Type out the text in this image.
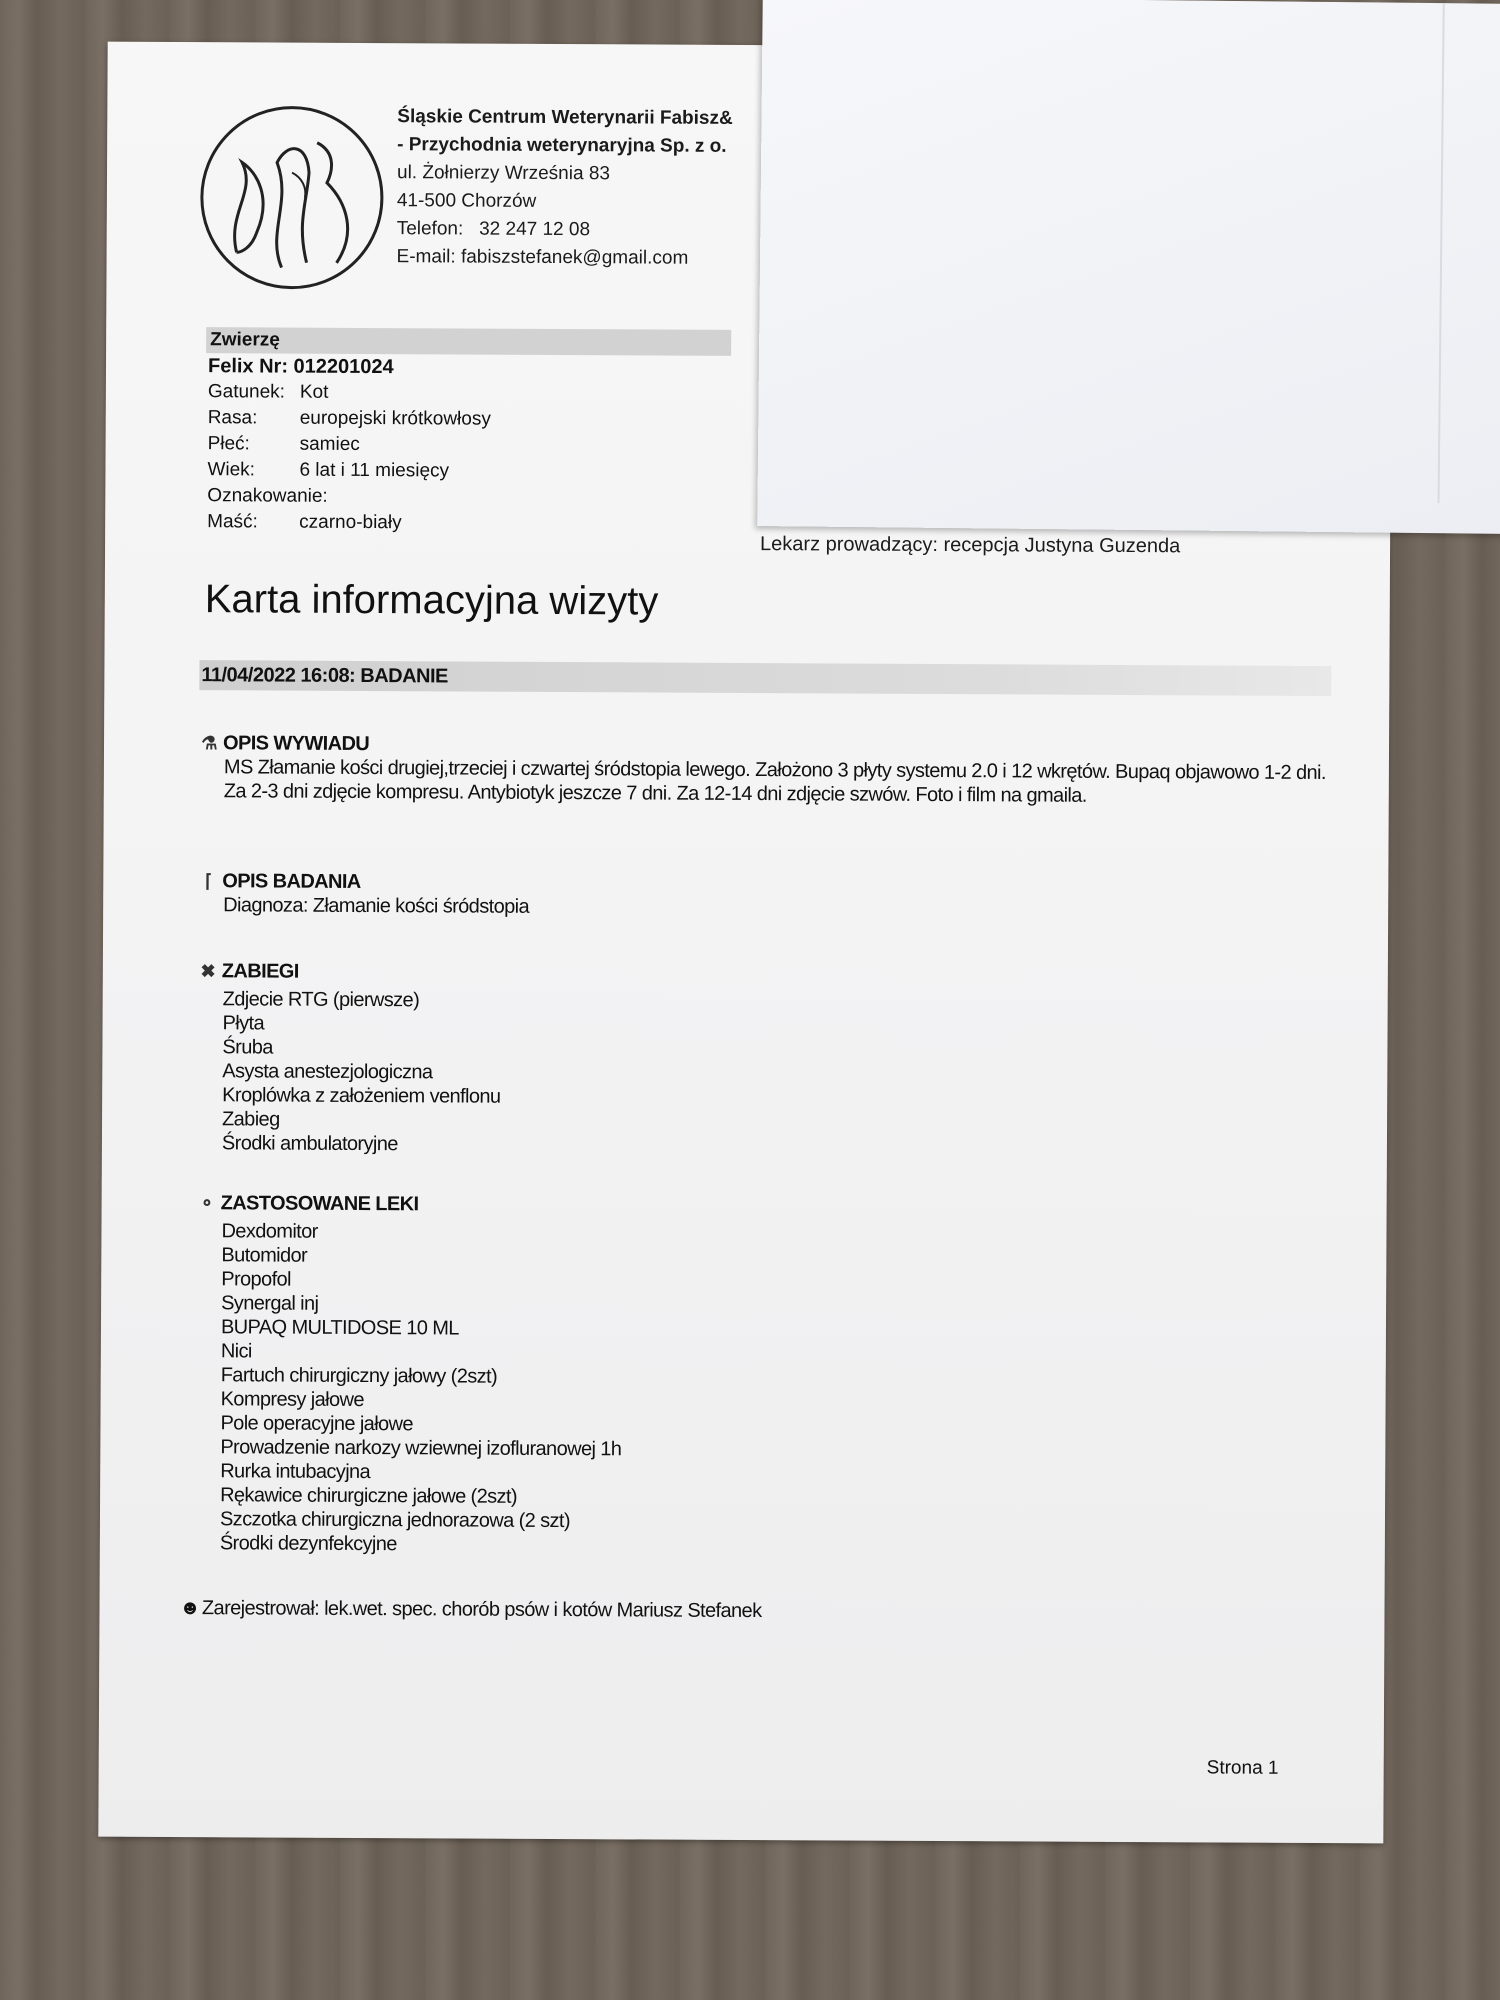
Śląskie Centrum Weterynarii Fabisz&
- Przychodnia weterynaryjna Sp. z o.
ul. Żołnierzy Września 83
41-500 Chorzów
Telefon: 32 247 12 08
E-mail: fabiszstefanek@gmail.com
Zwierzę
Felix Nr: 012201024
Gatunek: Kot
Rasa:	europejski krótkowłosy
Płeć:	samiec
Wiek:	6 lat i 11 miesięcy
Oznakowanie:
Maść:	czarno-biały
Lekarz prowadzący: recepcja Justyna Guzenda
Karta informacyjna wizyty
11/04/2022 16:08: BADANIE
⚗ OPIS WYWIADU
MS Złamanie kości drugiej,trzeciej i czwartej śródstopia lewego. Założono 3 płyty systemu 2.0 i 12 wkrętów. Bupaq objawowo 1-2 dni. Za 2-3 dni zdjęcie kompresu. Antybiotyk jeszcze 7 dni. Za 12-14 dni zdjęcie szwów. Foto i film na gmaila.
⌈ OPIS BADANIA
Diagnoza: Złamanie kości śródstopia
✖ ZABIEGI
Zdjecie RTG (pierwsze)
Płyta
Śruba
Asysta anestezjologiczna
Kroplówka z założeniem venflonu
Zabieg
Środki ambulatoryjne
⚬ ZASTOSOWANE LEKI
Dexdomitor
Butomidor
Propofol
Synergal inj
BUPAQ MULTIDOSE 10 ML
Nici
Fartuch chirurgiczny jałowy (2szt)
Kompresy jałowe
Pole operacyjne jałowe
Prowadzenie narkozy wziewnej izofluranowej 1h
Rurka intubacyjna
Rękawice chirurgiczne jałowe (2szt)
Szczotka chirurgiczna jednorazowa (2 szt)
Środki dezynfekcyjne
☻ Zarejestrował: lek.wet. spec. chorób psów i kotów Mariusz Stefanek
Strona 1
